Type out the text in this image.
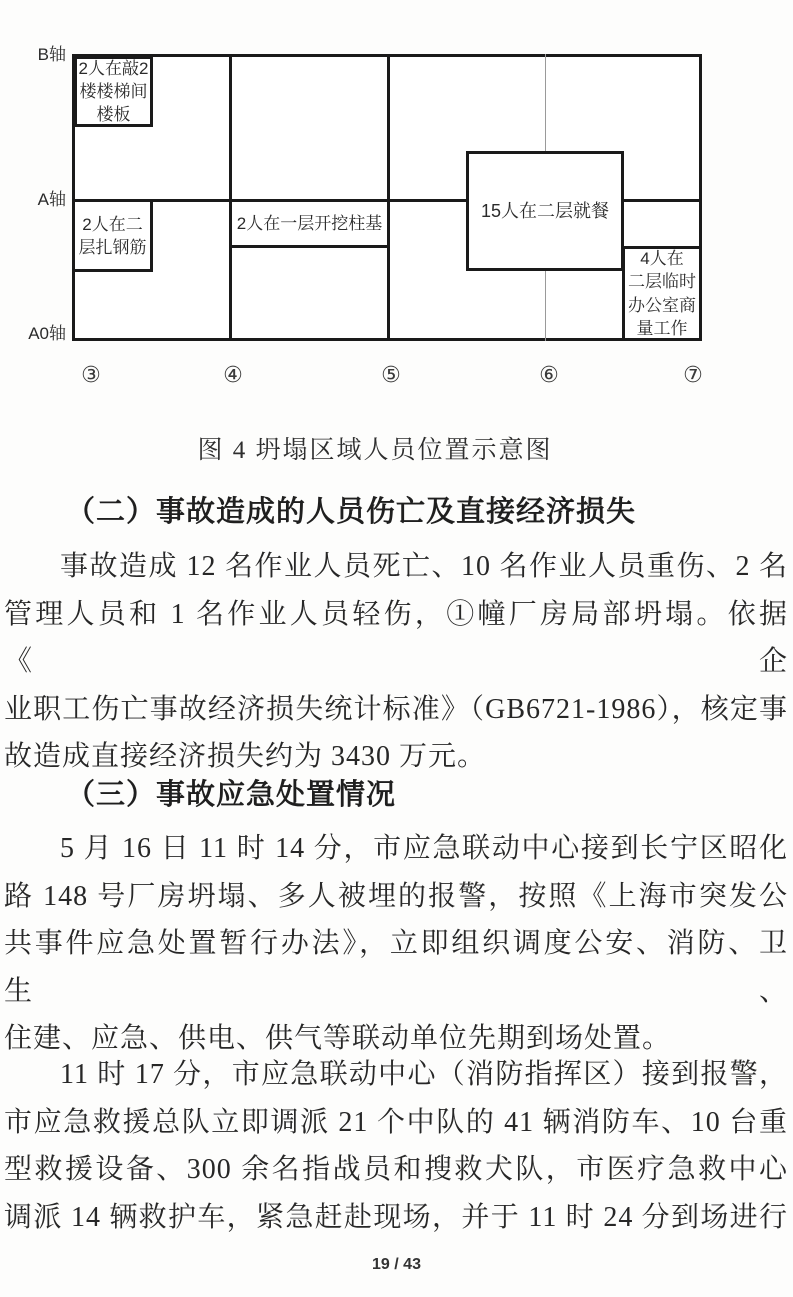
B轴
A轴
A0轴
2人在敲2
楼楼梯间
楼板
2人在二
层扎钢筋
2人在一层开挖柱基
15人在二层就餐
4人在
二层临时
办公室商
量工作
③	④	⑤	⑥	⑦
图 4 坍塌区域人员位置示意图
（二）事故造成的人员伤亡及直接经济损失
事故造成 12 名作业人员死亡、10 名作业人员重伤、2 名
管理人员和 1 名作业人员轻伤，①幢厂房局部坍塌。依据《企
业职工伤亡事故经济损失统计标准》（GB6721-1986），核定事
故造成直接经济损失约为 3430 万元。
（三）事故应急处置情况
5 月 16 日 11 时 14 分，市应急联动中心接到长宁区昭化
路 148 号厂房坍塌、多人被埋的报警，按照《上海市突发公
共事件应急处置暂行办法》，立即组织调度公安、消防、卫生、
住建、应急、供电、供气等联动单位先期到场处置。
11 时 17 分，市应急联动中心（消防指挥区）接到报警，
市应急救援总队立即调派 21 个中队的 41 辆消防车、10 台重
型救援设备、300 余名指战员和搜救犬队，市医疗急救中心
调派 14 辆救护车，紧急赶赴现场，并于 11 时 24 分到场进行
19 / 43
